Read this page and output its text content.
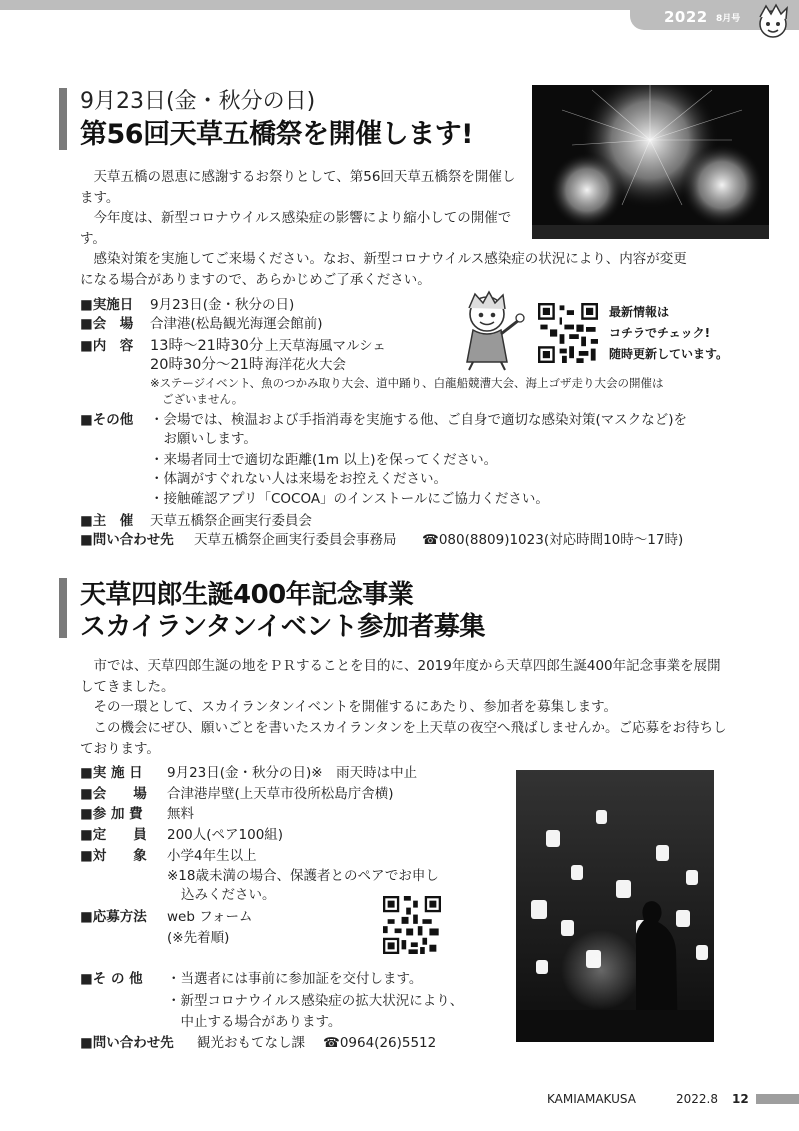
2022 8月号
9月23日(金・秋分の日)
第56回天草五橋祭を開催します!
　天草五橋の恩恵に感謝するお祭りとして、第56回天草五橋祭を開催します。
　今年度は、新型コロナウイルス感染症の影響により縮小しての開催です。
　感染対策を実施してご来場ください。なお、新型コロナウイルス感染症の状況により、内容が変更になる場合がありますので、あらかじめご了承ください。
■実施日 9月23日(金・秋分の日)
■会　場 合津港(松島観光海運会館前)
■内　容 13時〜21時30分 上天草海風マルシェ
20時30分〜21時 海洋花火大会
※ステージイベント、魚のつかみ取り大会、道中踊り、白龍船競漕大会、海上ゴザ走り大会の開催は
ございません。
最新情報は
コチラでチェック!
随時更新しています。
■その他 ・会場では、検温および手指消毒を実施する他、ご自身で適切な感染対策(マスクなど)を
　お願いします。
・来場者同士で適切な距離(1m 以上)を保ってください。
・体調がすぐれない人は来場をお控えください。
・接触確認アプリ「COCOA」のインストールにご協力ください。
■主　催 天草五橋祭企画実行委員会
■問い合わせ先 天草五橋祭企画実行委員会事務局 ☎080(8809)1023(対応時間10時〜17時)
天草四郎生誕400年記念事業
スカイランタンイベント参加者募集
　市では、天草四郎生誕の地をＰＲすることを目的に、2019年度から天草四郎生誕400年記念事業を展開してきました。
　その一環として、スカイランタンイベントを開催するにあたり、参加者を募集します。
　この機会にぜひ、願いごとを書いたスカイランタンを上天草の夜空へ飛ばしませんか。ご応募をお待ちしております。
■実 施 日 9月23日(金・秋分の日)※　雨天時は中止
■会　　場 合津港岸壁(上天草市役所松島庁舎横)
■参 加 費 無料
■定　　員 200人(ペア100組)
■対　　象 小学4年生以上
※18歳未満の場合、保護者とのペアでお申し
込みください。
■応募方法 web フォーム
(※先着順)
■そ の 他 ・当選者には事前に参加証を交付します。
・新型コロナウイルス感染症の拡大状況により、
　中止する場合があります。
■問い合わせ先 観光おもてなし課 ☎0964(26)5512
KAMIAMAKUSA	2022.8 12
